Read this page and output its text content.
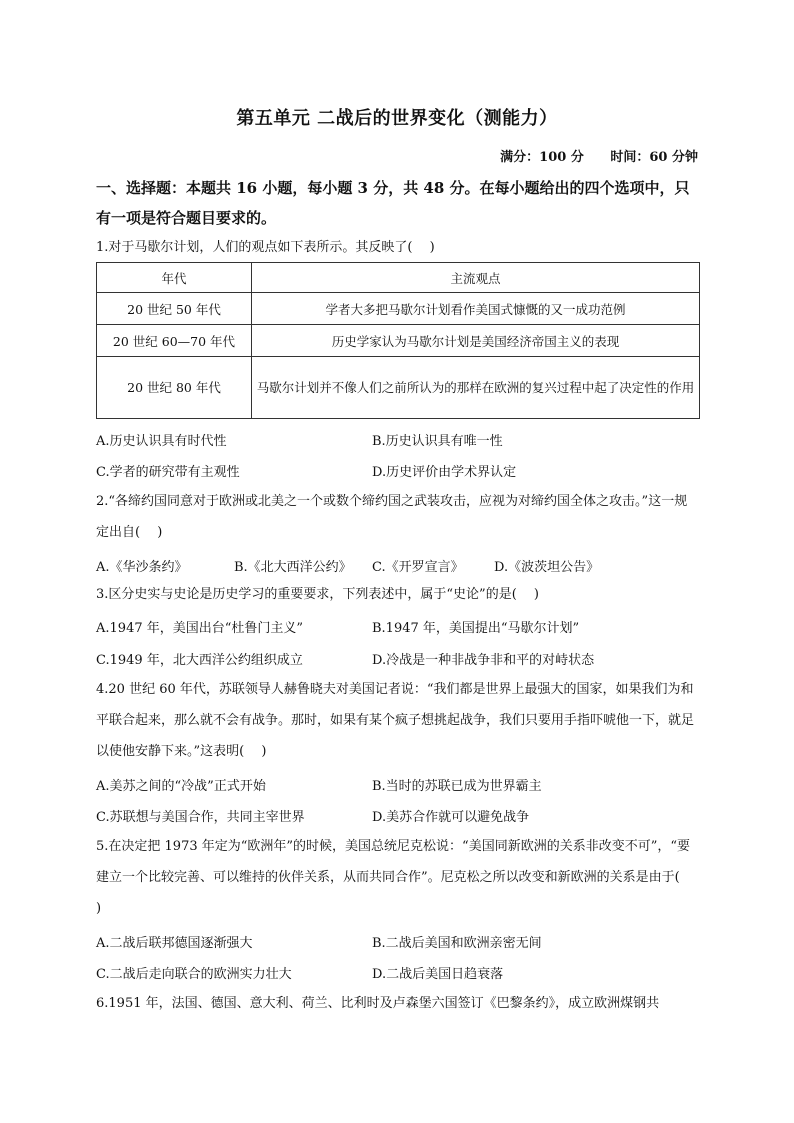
第五单元 二战后的世界变化（测能力）
满分：100 分 时间：60 分钟
一、选择题：本题共 16 小题，每小题 3 分，共 48 分。在每小题给出的四个选项中，只有一项是符合题目要求的。
1.对于马歇尔计划，人们的观点如下表所示。其反映了(　 )
年代	主流观点
20 世纪 50 年代	学者大多把马歇尔计划看作美国式慷慨的又一成功范例
20 世纪 60—70 年代	历史学家认为马歇尔计划是美国经济帝国主义的表现
20 世纪 80 年代	马歇尔计划并不像人们之前所认为的那样在欧洲的复兴过程中起了决定性的作用
A.历史认识具有时代性	B.历史认识具有唯一性
C.学者的研究带有主观性	D.历史评价由学术界认定
2.“各缔约国同意对于欧洲或北美之一个或数个缔约国之武装攻击，应视为对缔约国全体之攻击。”这一规定出自(　 )
A.《华沙条约》	B.《北大西洋公约》 C.《开罗宣言》 D.《波茨坦公告》
3.区分史实与史论是历史学习的重要要求，下列表述中，属于“史论”的是(　 )
A.1947 年，美国出台“杜鲁门主义”	B.1947 年，美国提出“马歇尔计划”
C.1949 年，北大西洋公约组织成立	D.冷战是一种非战争非和平的对峙状态
4.20 世纪 60 年代，苏联领导人赫鲁晓夫对美国记者说：“我们都是世界上最强大的国家，如果我们为和平联合起来，那么就不会有战争。那时，如果有某个疯子想挑起战争，我们只要用手指吓唬他一下，就足以使他安静下来。”这表明(　 )
A.美苏之间的“冷战”正式开始	B.当时的苏联已成为世界霸主
C.苏联想与美国合作，共同主宰世界	D.美苏合作就可以避免战争
5.在决定把 1973 年定为“欧洲年”的时候，美国总统尼克松说：“美国同新欧洲的关系非改变不可”，“要建立一个比较完善、可以维持的伙伴关系，从而共同合作”。尼克松之所以改变和新欧洲的关系是由于(　 )
A.二战后联邦德国逐渐强大	B.二战后美国和欧洲亲密无间
C.二战后走向联合的欧洲实力壮大	D.二战后美国日趋衰落
6.1951 年，法国、德国、意大利、荷兰、比利时及卢森堡六国签订《巴黎条约》，成立欧洲煤钢共
